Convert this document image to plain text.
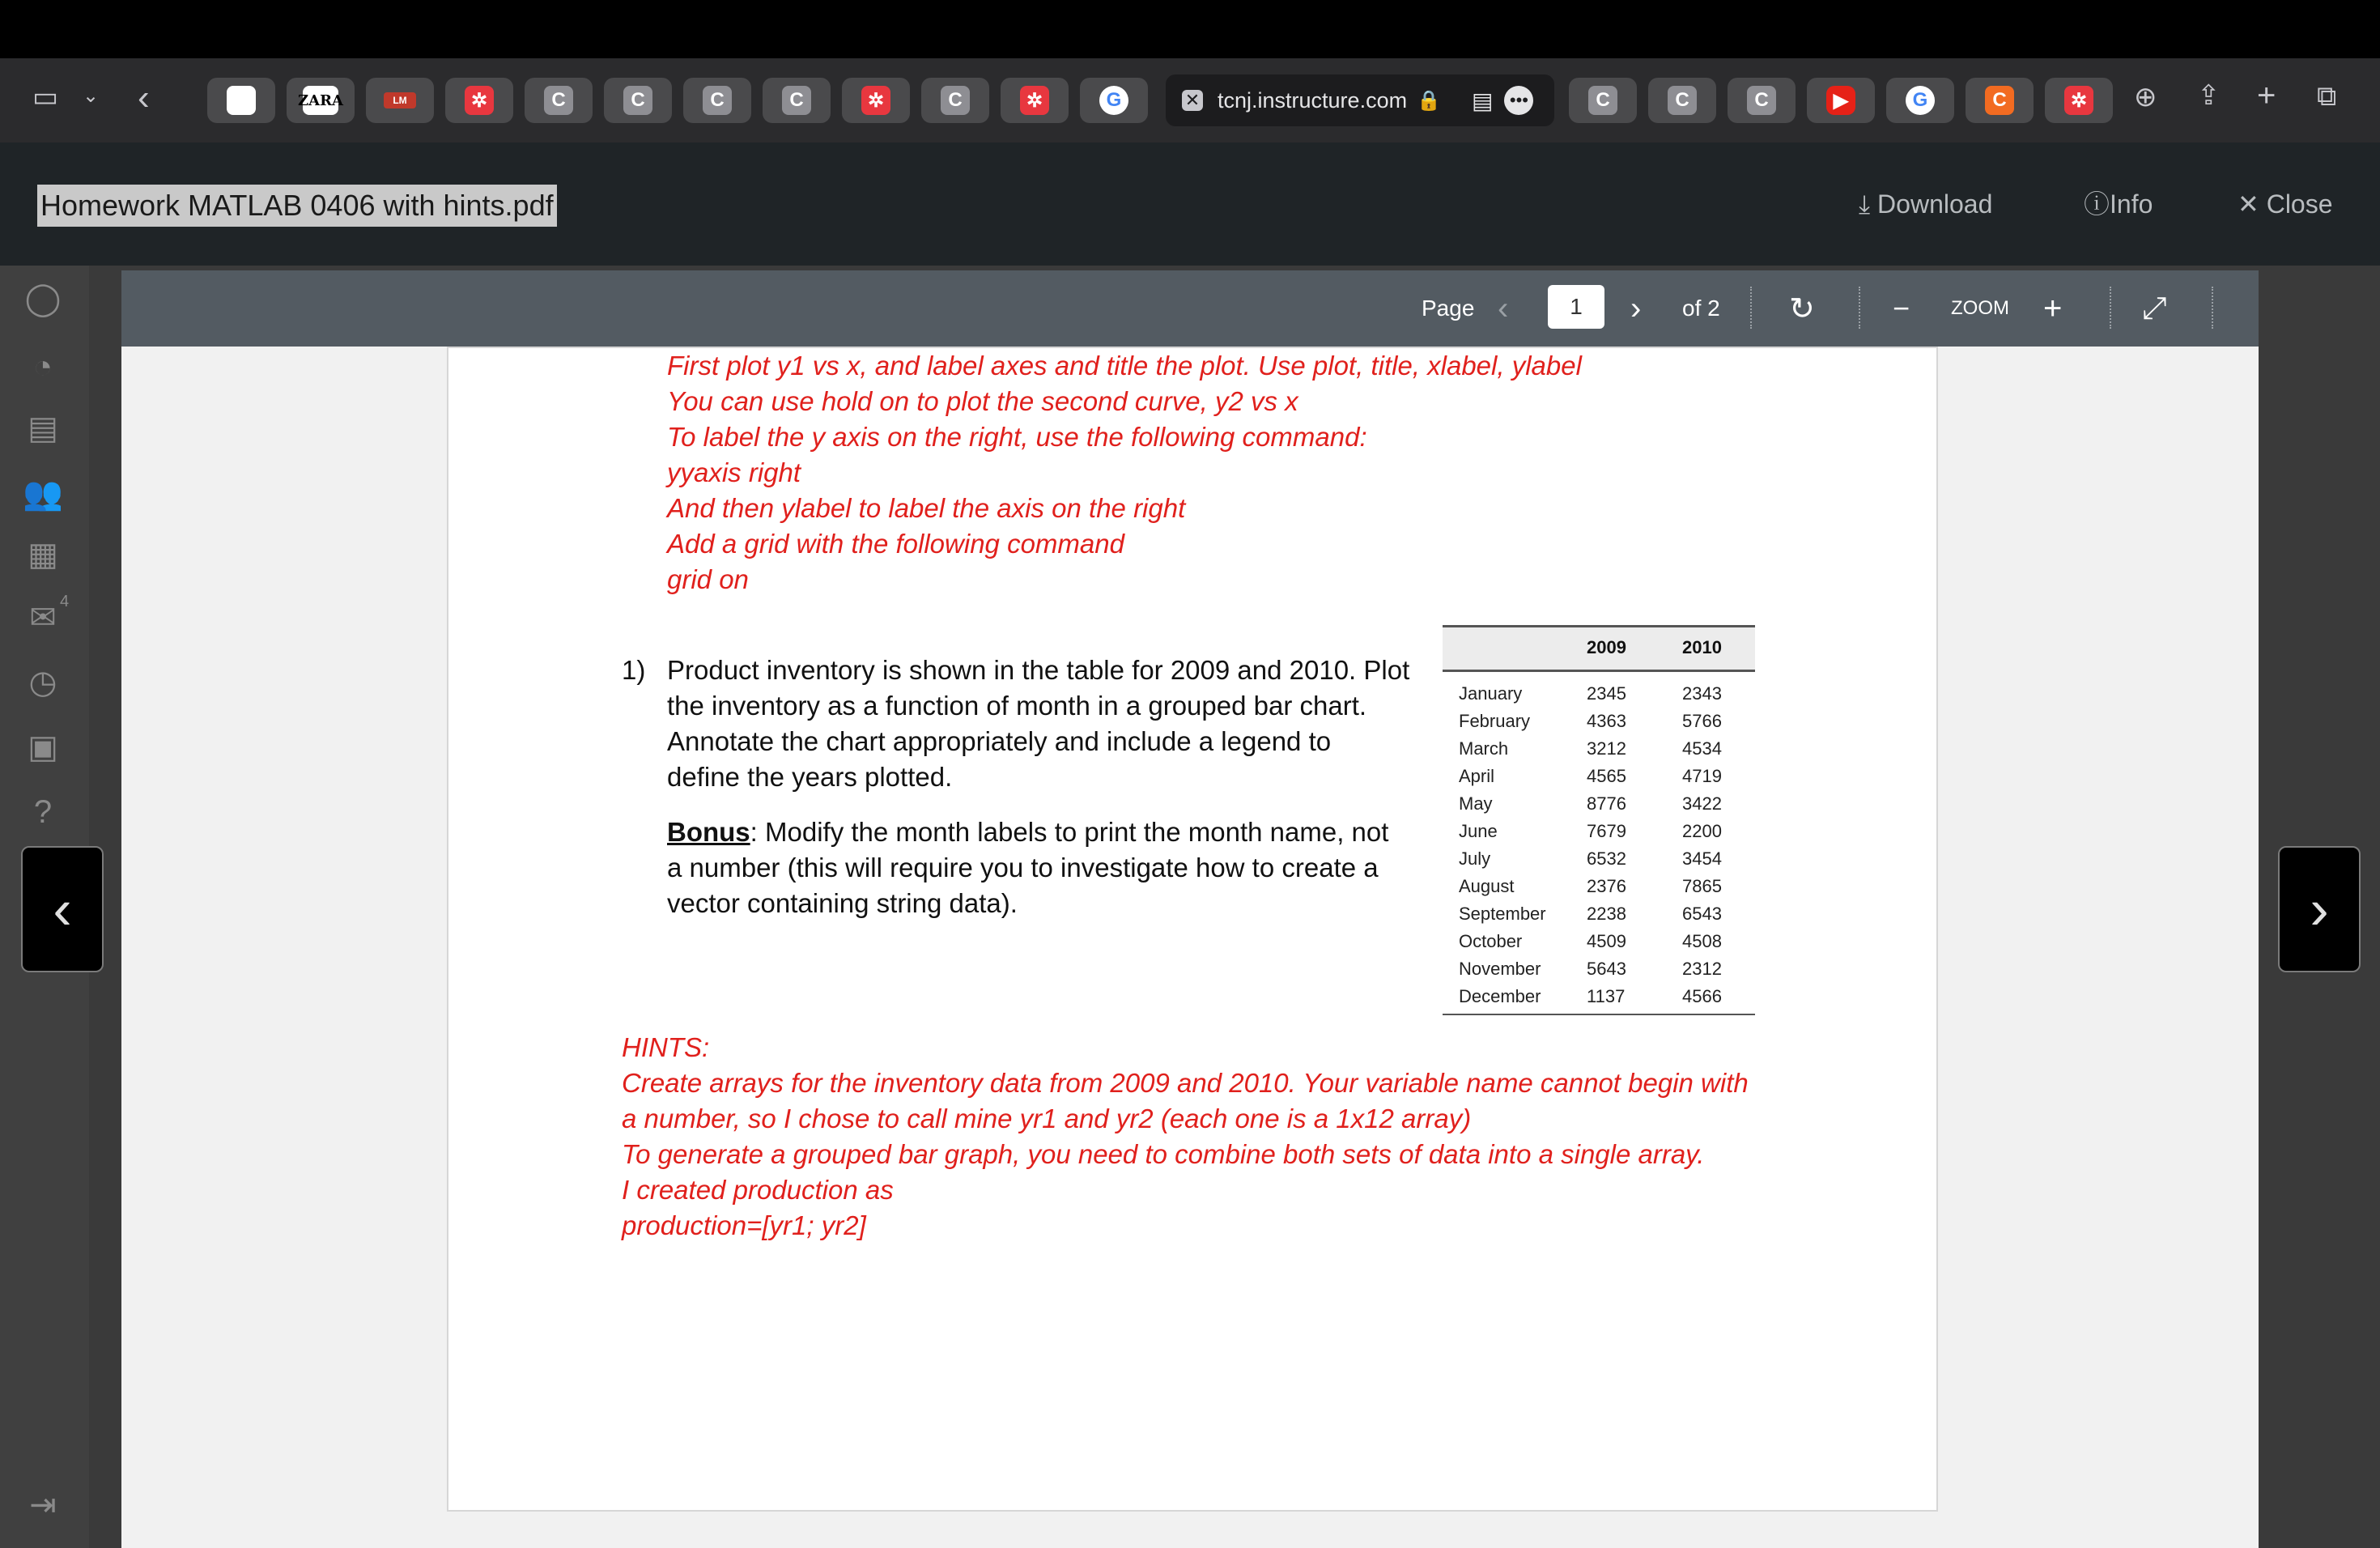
▭ ⌄ ‹	✕ tcnj.instructure.com 🔒 ▤ •••	⊕ ⇪ + ⧉
Homework MATLAB 0406 with hints.pdf	⤓ Download	ⓘInfo	✕ Close
◯
◔
▤
👥
▦
✉ 4
◷
▣
?
⇥
Page ‹	1	› of 2 ↻	− ZOOM +	⤢
First plot y1 vs x, and label axes and title the plot. Use plot, title, xlabel, ylabel
You can use hold on to plot the second curve, y2 vs x
To label the y axis on the right, use the following command:
yyaxis right
And then ylabel to label the axis on the right
Add a grid with the following command
grid on
1) Product inventory is shown in the table for 2009 and 2010. Plot
the inventory as a function of month in a grouped bar chart.
Annotate the chart appropriately and include a legend to
define the years plotted.
Bonus: Modify the month labels to print the month name, not
a number (this will require you to investigate how to create a
vector containing string data).
2009	2010
January	2345	2343
February	4363	5766
March	3212	4534
April	4565	4719
May	8776	3422
June	7679	2200
July	6532	3454
August	2376	7865
September 2238	6543
October	4509	4508
November	5643	2312
December	1137	4566
HINTS:
Create arrays for the inventory data from 2009 and 2010. Your variable name cannot begin with
a number, so I chose to call mine yr1 and yr2 (each one is a 1x12 array)
To generate a grouped bar graph, you need to combine both sets of data into a single array.
I created production as
production=[yr1; yr2]
‹	›
✲	ZARA	LM	✲	C	C	C	C	✲	C	✲	G	C	C	C	▶	G	C	✲
